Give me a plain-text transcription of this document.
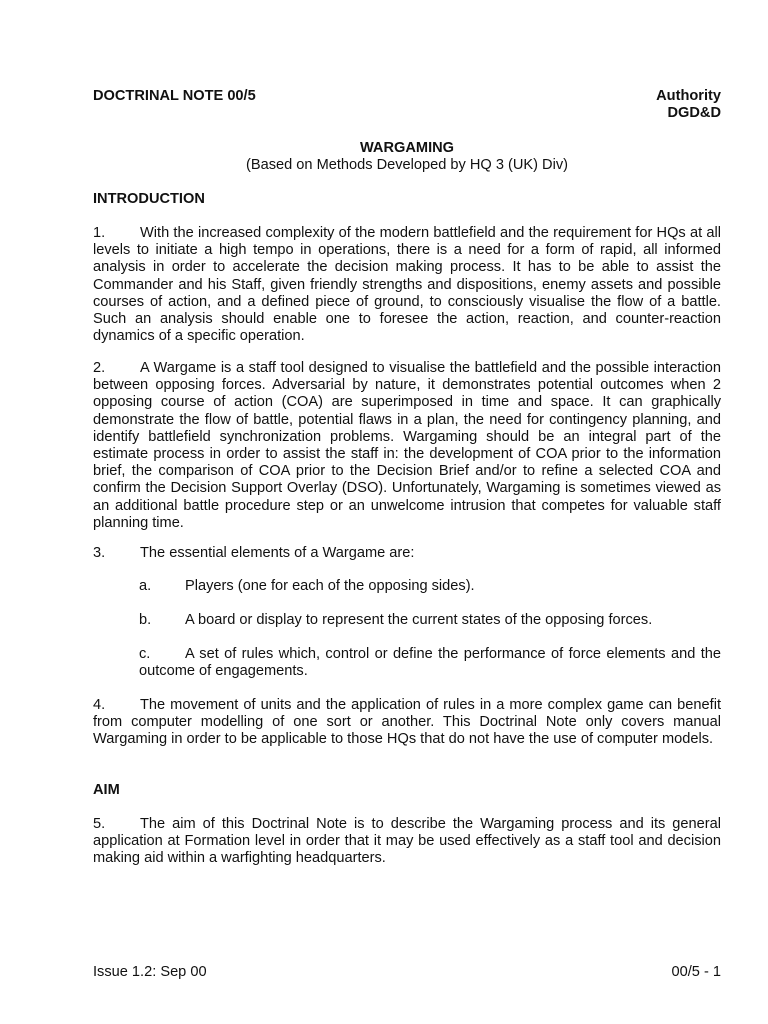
DOCTRINAL NOTE 00/5	Authority
DGD&D
WARGAMING
(Based on Methods Developed by HQ 3 (UK) Div)
INTRODUCTION
1. With the increased complexity of the modern battlefield and the requirement for HQs at all levels to initiate a high tempo in operations, there is a need for a form of rapid, all informed analysis in order to accelerate the decision making process. It has to be able to assist the Commander and his Staff, given friendly strengths and dispositions, enemy assets and possible courses of action, and a defined piece of ground, to consciously visualise the flow of a battle. Such an analysis should enable one to foresee the action, reaction, and counter-reaction dynamics of a specific operation.
2. A Wargame is a staff tool designed to visualise the battlefield and the possible interaction between opposing forces. Adversarial by nature, it demonstrates potential outcomes when 2 opposing course of action (COA) are superimposed in time and space. It can graphically demonstrate the flow of battle, potential flaws in a plan, the need for contingency planning, and identify battlefield synchronization problems. Wargaming should be an integral part of the estimate process in order to assist the staff in: the development of COA prior to the information brief, the comparison of COA prior to the Decision Brief and/or to refine a selected COA and confirm the Decision Support Overlay (DSO). Unfortunately, Wargaming is sometimes viewed as an additional battle procedure step or an unwelcome intrusion that competes for valuable staff planning time.
3. The essential elements of a Wargame are:
a. Players (one for each of the opposing sides).
b. A board or display to represent the current states of the opposing forces.
c. A set of rules which, control or define the performance of force elements and the outcome of engagements.
4. The movement of units and the application of rules in a more complex game can benefit from computer modelling of one sort or another. This Doctrinal Note only covers manual Wargaming in order to be applicable to those HQs that do not have the use of computer models.
AIM
5. The aim of this Doctrinal Note is to describe the Wargaming process and its general application at Formation level in order that it may be used effectively as a staff tool and decision making aid within a warfighting headquarters.
Issue 1.2: Sep 00	00/5 - 1
